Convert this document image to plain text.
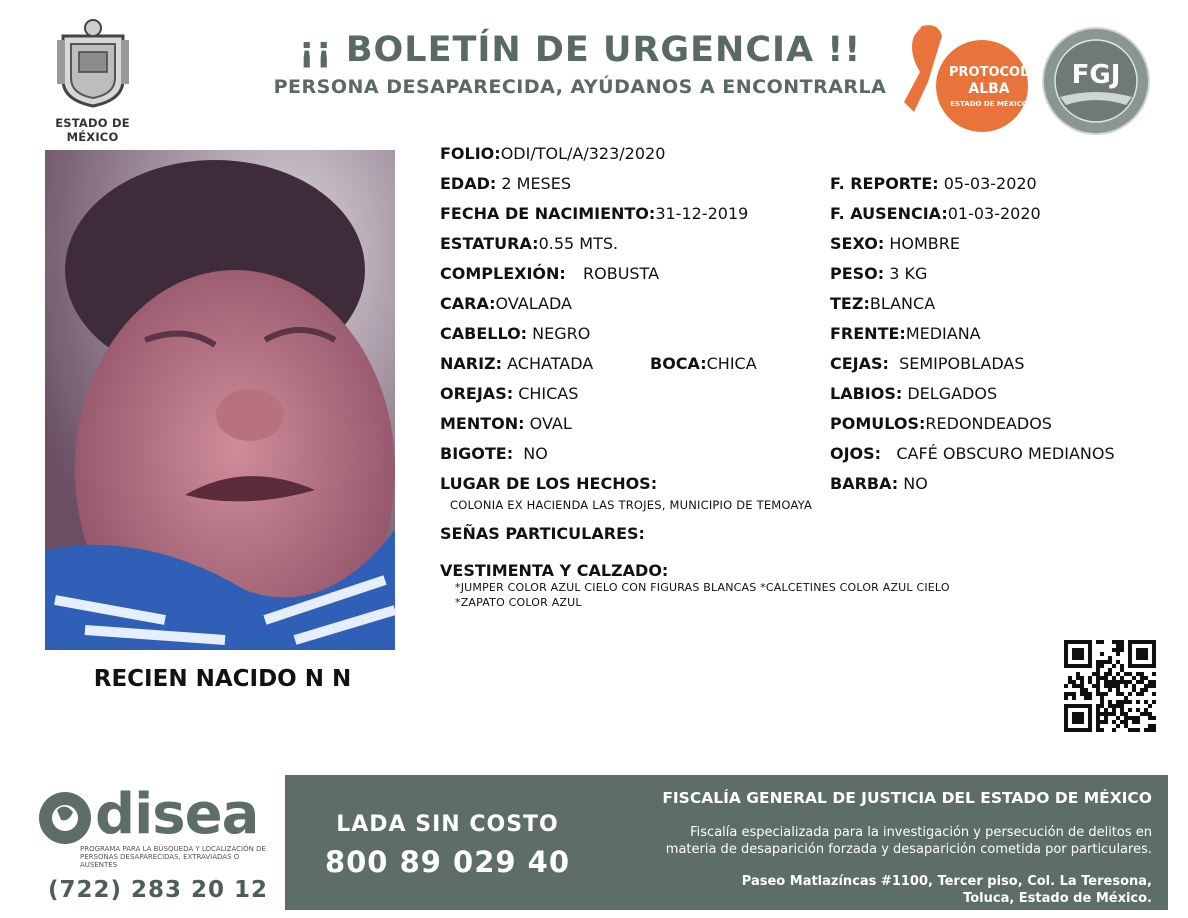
ESTADO DE MÉXICO
¡¡ BOLETÍN DE URGENCIA !!
PERSONA DESAPARECIDA, AYÚDANOS A ENCONTRARLA
PROTOCOLO
ALBA
ESTADO DE MÉXICO
FGJ
RECIEN NACIDO N N
FOLIO:ODI/TOL/A/323/2020
EDAD: 2 MESES	F. REPORTE: 05-03-2020
FECHA DE NACIMIENTO:31-12-2019	F. AUSENCIA:01-03-2020
ESTATURA:0.55 MTS.	SEXO: HOMBRE
COMPLEXIÓN: ROBUSTA	PESO: 3 KG
CARA:OVALADA	TEZ:BLANCA
CABELLO: NEGRO	FRENTE:MEDIANA
NARIZ: ACHATADA	BOCA:CHICA	CEJAS: SEMIPOBLADAS
OREJAS: CHICAS	LABIOS: DELGADOS
MENTON: OVAL	POMULOS:REDONDEADOS
BIGOTE: NO	OJOS: CAFÉ OBSCURO MEDIANOS
LUGAR DE LOS HECHOS:	BARBA: NO
COLONIA EX HACIENDA LAS TROJES, MUNICIPIO DE TEMOAYA
SEÑAS PARTICULARES:
VESTIMENTA Y CALZADO:
*JUMPER COLOR AZUL CIELO CON FIGURAS BLANCAS *CALCETINES COLOR AZUL CIELO
*ZAPATO COLOR AZUL
disea
PROGRAMA PARA LA BÚSQUEDA Y LOCALIZACIÓN DE PERSONAS DESAPARECIDAS, EXTRAVIADAS O AUSENTES
(722) 283 20 12
LADA SIN COSTO
800 89 029 40
FISCALÍA GENERAL DE JUSTICIA DEL ESTADO DE MÉXICO
Fiscalía especializada para la investigación y persecución de delitos en
materia de desaparición forzada y desaparición cometida por particulares.
Paseo Matlazíncas #1100, Tercer piso, Col. La Teresona,
Toluca, Estado de México.
